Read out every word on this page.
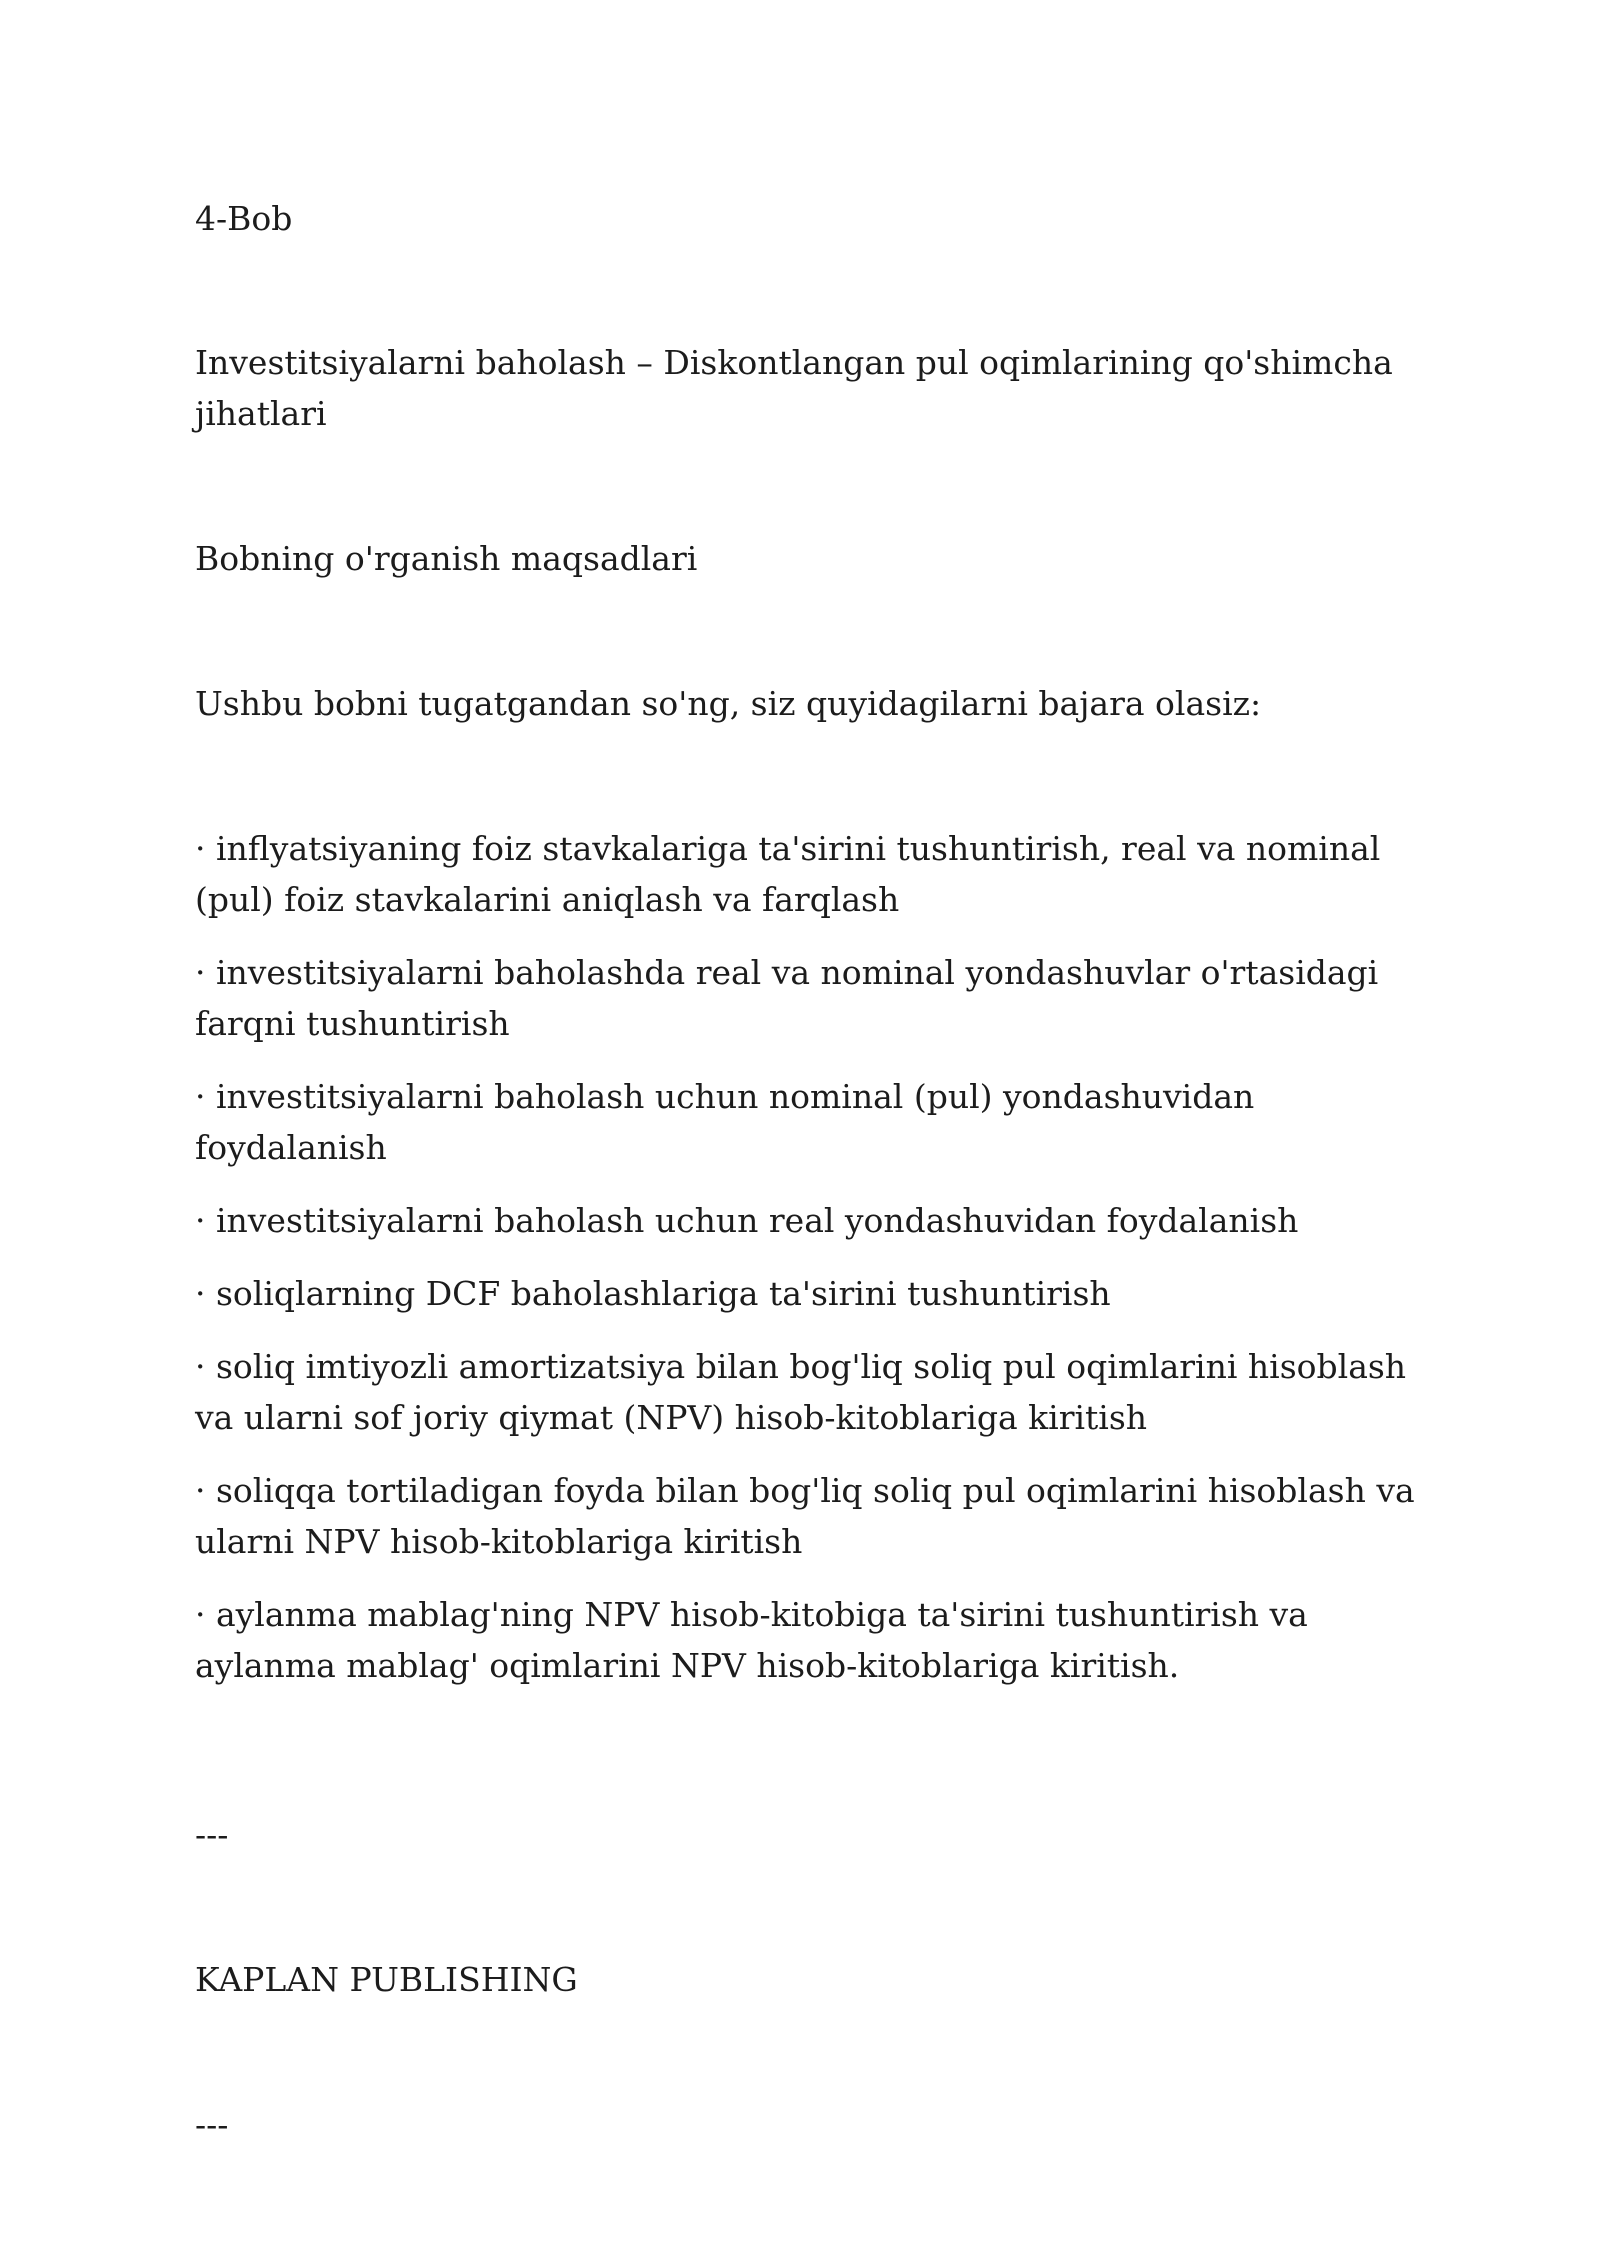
4-Bob

Investitsiyalarni baholash – Diskontlangan pul oqimlarining qo'shimcha jihatlari

Bobning o'rganish maqsadlari

Ushbu bobni tugatgandan so'ng, siz quyidagilarni bajara olasiz:

· inflyatsiyaning foiz stavkalariga ta'sirini tushuntirish, real va nominal (pul) foiz stavkalarini aniqlash va farqlash
· investitsiyalarni baholashda real va nominal yondashuvlar o'rtasidagi farqni tushuntirish
· investitsiyalarni baholash uchun nominal (pul) yondashuvidan foydalanish
· investitsiyalarni baholash uchun real yondashuvidan foydalanish
· soliqlarning DCF baholashlariga ta'sirini tushuntirish
· soliq imtiyozli amortizatsiya bilan bog'liq soliq pul oqimlarini hisoblash va ularni sof joriy qiymat (NPV) hisob-kitoblariga kiritish
· soliqqa tortiladigan foyda bilan bog'liq soliq pul oqimlarini hisoblash va ularni NPV hisob-kitoblariga kiritish
· aylanma mablag'ning NPV hisob-kitobiga ta'sirini tushuntirish va aylanma mablag' oqimlarini NPV hisob-kitoblariga kiritish.

---

KAPLAN PUBLISHING

---
